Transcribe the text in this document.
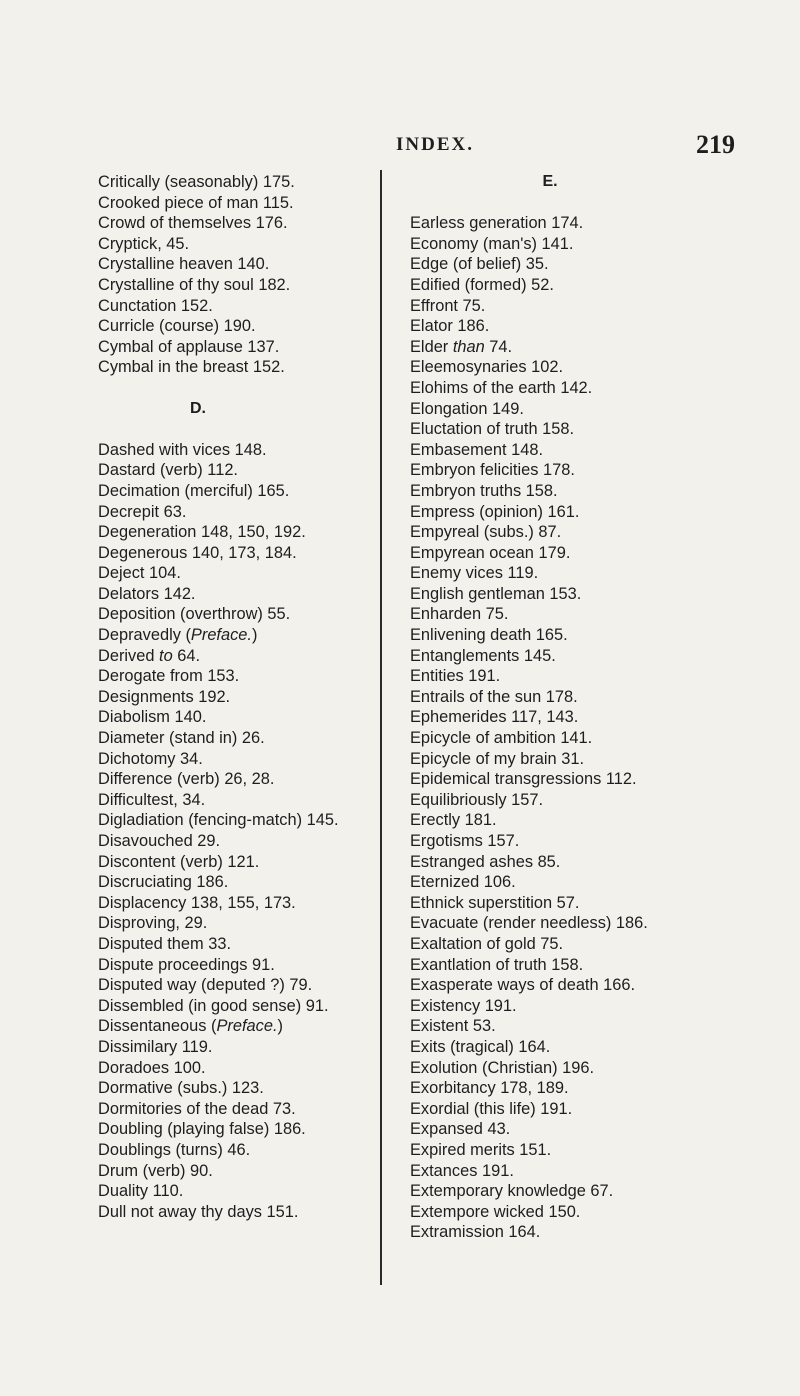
INDEX.	219
Critically (seasonably) 175.
Crooked piece of man 115.
Crowd of themselves 176.
Cryptick, 45.
Crystalline heaven 140.
Crystalline of thy soul 182.
Cunctation 152.
Curricle (course) 190.
Cymbal of applause 137.
Cymbal in the breast 152.
D.
Dashed with vices 148.
Dastard (verb) 112.
Decimation (merciful) 165.
Decrepit 63.
Degeneration 148, 150, 192.
Degenerous 140, 173, 184.
Deject 104.
Delators 142.
Deposition (overthrow) 55.
Depravedly (Preface.)
Derived to 64.
Derogate from 153.
Designments 192.
Diabolism 140.
Diameter (stand in) 26.
Dichotomy 34.
Difference (verb) 26, 28.
Difficultest, 34.
Digladiation (fencing-match) 145.
Disavouched 29.
Discontent (verb) 121.
Discruciating 186.
Displacency 138, 155, 173.
Disproving, 29.
Disputed them 33.
Dispute proceedings 91.
Disputed way (deputed ?) 79.
Dissembled (in good sense) 91.
Dissentaneous (Preface.)
Dissimilary 119.
Doradoes 100.
Dormative (subs.) 123.
Dormitories of the dead 73.
Doubling (playing false) 186.
Doublings (turns) 46.
Drum (verb) 90.
Duality 110.
Dull not away thy days 151.
E.
Earless generation 174.
Economy (man's) 141.
Edge (of belief) 35.
Edified (formed) 52.
Effront 75.
Elator 186.
Elder than 74.
Eleemosynaries 102.
Elohims of the earth 142.
Elongation 149.
Eluctation of truth 158.
Embasement 148.
Embryon felicities 178.
Embryon truths 158.
Empress (opinion) 161.
Empyreal (subs.) 87.
Empyrean ocean 179.
Enemy vices 119.
English gentleman 153.
Enharden 75.
Enlivening death 165.
Entanglements 145.
Entities 191.
Entrails of the sun 178.
Ephemerides 117, 143.
Epicycle of ambition 141.
Epicycle of my brain 31.
Epidemical transgressions 112.
Equilibriously 157.
Erectly 181.
Ergotisms 157.
Estranged ashes 85.
Eternized 106.
Ethnick superstition 57.
Evacuate (render needless) 186.
Exaltation of gold 75.
Exantlation of truth 158.
Exasperate ways of death 166.
Existency 191.
Existent 53.
Exits (tragical) 164.
Exolution (Christian) 196.
Exorbitancy 178, 189.
Exordial (this life) 191.
Expansed 43.
Expired merits 151.
Extances 191.
Extemporary knowledge 67.
Extempore wicked 150.
Extramission 164.
